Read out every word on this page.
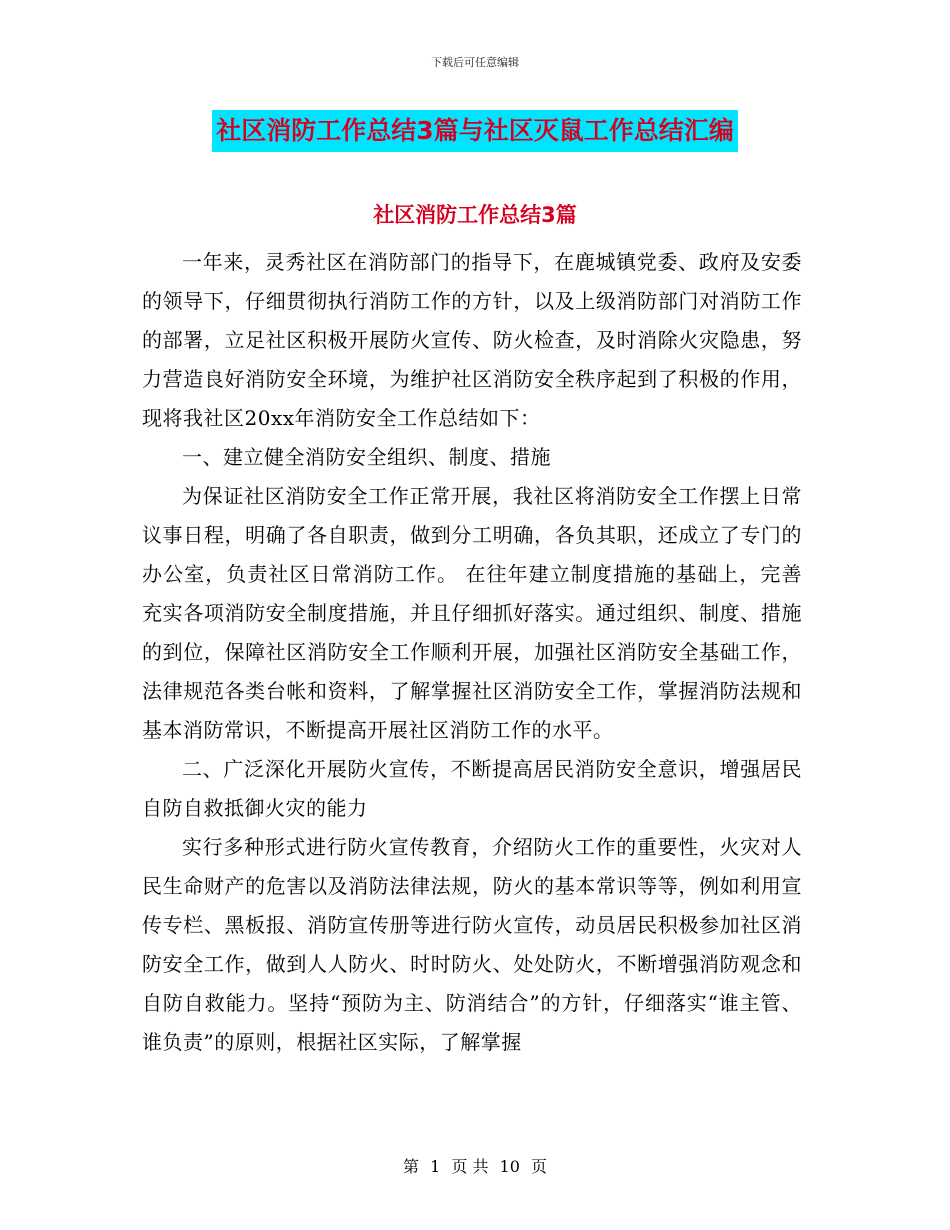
下载后可任意编辑
社区消防工作总结3篇与社区灭鼠工作总结汇编
社区消防工作总结3篇

一年来，灵秀社区在消防部门的指导下，在鹿城镇党委、政府及安委的领导下，仔细贯彻执行消防工作的方针，以及上级消防部门对消防工作的部署，立足社区积极开展防火宣传、防火检查，及时消除火灾隐患，努力营造良好消防安全环境，为维护社区消防安全秩序起到了积极的作用，现将我社区20xx年消防安全工作总结如下：

一、建立健全消防安全组织、制度、措施

为保证社区消防安全工作正常开展，我社区将消防安全工作摆上日常议事日程，明确了各自职责，做到分工明确，各负其职，还成立了专门的办公室，负责社区日常消防工作。 在往年建立制度措施的基础上，完善充实各项消防安全制度措施，并且仔细抓好落实。通过组织、制度、措施的到位，保障社区消防安全工作顺利开展，加强社区消防安全基础工作，法律规范各类台帐和资料，了解掌握社区消防安全工作，掌握消防法规和基本消防常识，不断提高开展社区消防工作的水平。

二、广泛深化开展防火宣传，不断提高居民消防安全意识，增强居民自防自救抵御火灾的能力

实行多种形式进行防火宣传教育，介绍防火工作的重要性，火灾对人民生命财产的危害以及消防法律法规，防火的基本常识等等，例如利用宣传专栏、黑板报、消防宣传册等进行防火宣传，动员居民积极参加社区消防安全工作，做到人人防火、时时防火、处处防火，不断增强消防观念和自防自救能力。坚持“预防为主、防消结合”的方针，仔细落实“谁主管、谁负责”的原则，根据社区实际，了解掌握

第 1 页 共 10 页
